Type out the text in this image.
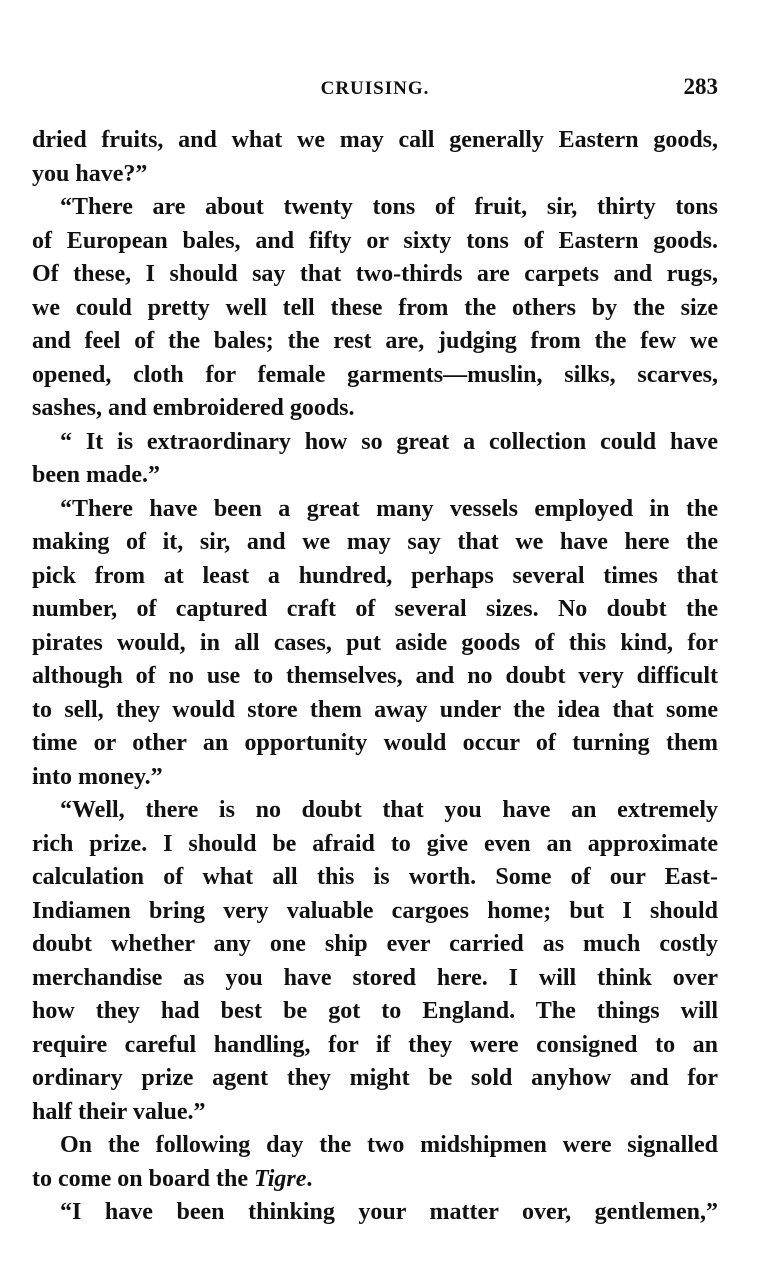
CRUISING.	283
dried fruits, and what we may call generally Eastern goods,
you have?”
“There are about twenty tons of fruit, sir, thirty tons
of European bales, and fifty or sixty tons of Eastern goods.
Of these, I should say that two-thirds are carpets and rugs,
we could pretty well tell these from the others by the size
and feel of the bales; the rest are, judging from the few we
opened, cloth for female garments—muslin, silks, scarves,
sashes, and embroidered goods.
“ It is extraordinary how so great a collection could have
been made.”
“There have been a great many vessels employed in the
making of it, sir, and we may say that we have here the
pick from at least a hundred, perhaps several times that
number, of captured craft of several sizes. No doubt the
pirates would, in all cases, put aside goods of this kind, for
although of no use to themselves, and no doubt very difficult
to sell, they would store them away under the idea that some
time or other an opportunity would occur of turning them
into money.”
“Well, there is no doubt that you have an extremely
rich prize. I should be afraid to give even an approximate
calculation of what all this is worth. Some of our East-
Indiamen bring very valuable cargoes home; but I should
doubt whether any one ship ever carried as much costly
merchandise as you have stored here. I will think over
how they had best be got to England. The things will
require careful handling, for if they were consigned to an
ordinary prize agent they might be sold anyhow and for
half their value.”
On the following day the two midshipmen were signalled
to come on board the Tigre.
“I have been thinking your matter over, gentlemen,”
